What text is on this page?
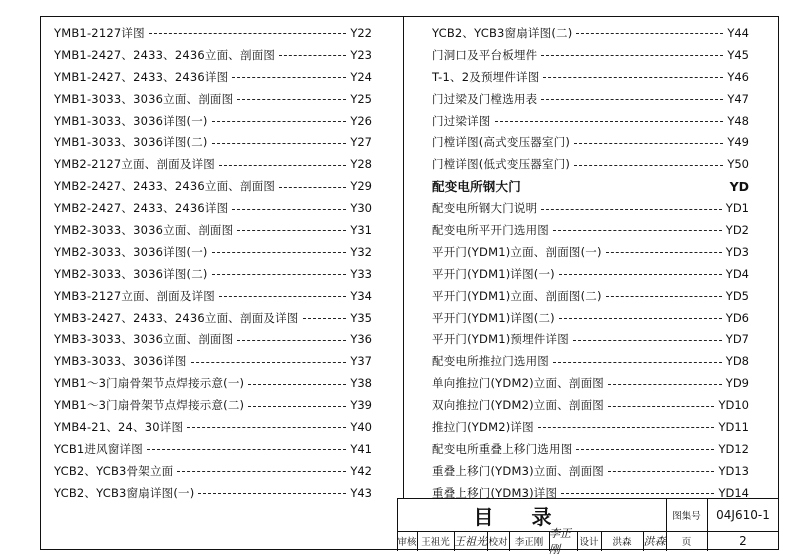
YMB1-2127详图	Y22
YMB1-2427、2433、2436立面、剖面图	Y23
YMB1-2427、2433、2436详图	Y24
YMB1-3033、3036立面、剖面图	Y25
YMB1-3033、3036详图(一)	Y26
YMB1-3033、3036详图(二)	Y27
YMB2-2127立面、剖面及详图	Y28
YMB2-2427、2433、2436立面、剖面图	Y29
YMB2-2427、2433、2436详图	Y30
YMB2-3033、3036立面、剖面图	Y31
YMB2-3033、3036详图(一)	Y32
YMB2-3033、3036详图(二)	Y33
YMB3-2127立面、剖面及详图	Y34
YMB3-2427、2433、2436立面、剖面及详图	Y35
YMB3-3033、3036立面、剖面图	Y36
YMB3-3033、3036详图	Y37
YMB1～3门扇骨架节点焊接示意(一)	Y38
YMB1～3门扇骨架节点焊接示意(二)	Y39
YMB4-21、24、30详图	Y40
YCB1进风窗详图	Y41
YCB2、YCB3骨架立面	Y42
YCB2、YCB3窗扇详图(一)	Y43
YCB2、YCB3窗扇详图(二)	Y44
门洞口及平台板埋件	Y45
T-1、2及预埋件详图	Y46
门过梁及门樘选用表	Y47
门过梁详图	Y48
门樘详图(高式变压器室门)	Y49
门樘详图(低式变压器室门)	Y50
配变电所钢大门	YD
配变电所钢大门说明	YD1
配变电所平开门选用图	YD2
平开门(YDM1)立面、剖面图(一)	YD3
平开门(YDM1)详图(一)	YD4
平开门(YDM1)立面、剖面图(二)	YD5
平开门(YDM1)详图(二)	YD6
平开门(YDM1)预埋件详图	YD7
配变电所推拉门选用图	YD8
单向推拉门(YDM2)立面、剖面图	YD9
双向推拉门(YDM2)立面、剖面图	YD10
推拉门(YDM2)详图	YD11
配变电所重叠上移门选用图	YD12
重叠上移门(YDM3)立面、剖面图	YD13
重叠上移门(YDM3)详图	YD14
目录	图集号	04J610-1
审核 王祖光 王祖光 校对 李正刚
李正刚
设计	洪森	洪森	页	2
